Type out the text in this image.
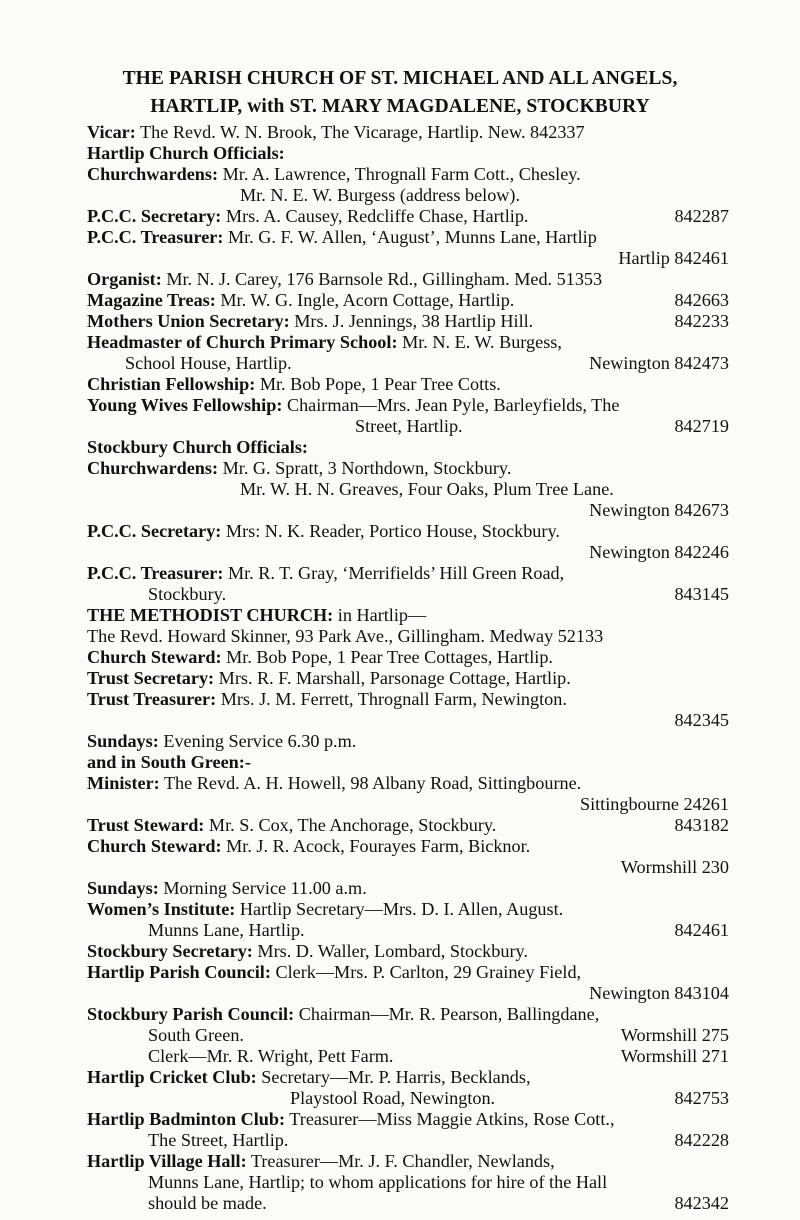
THE PARISH CHURCH OF ST. MICHAEL AND ALL ANGELS,
HARTLIP, with ST. MARY MAGDALENE, STOCKBURY
Vicar: The Revd. W. N. Brook, The Vicarage, Hartlip. New. 842337
Hartlip Church Officials:
Churchwardens: Mr. A. Lawrence, Thrognall Farm Cott., Chesley.
Mr. N. E. W. Burgess (address below).
P.C.C. Secretary: Mrs. A. Causey, Redcliffe Chase, Hartlip.	842287
P.C.C. Treasurer: Mr. G. F. W. Allen, ‘August’, Munns Lane, Hartlip
Hartlip 842461
Organist: Mr. N. J. Carey, 176 Barnsole Rd., Gillingham. Med. 51353
Magazine Treas: Mr. W. G. Ingle, Acorn Cottage, Hartlip.	842663
Mothers Union Secretary: Mrs. J. Jennings, 38 Hartlip Hill.	842233
Headmaster of Church Primary School: Mr. N. E. W. Burgess,
School House, Hartlip.	Newington 842473
Christian Fellowship: Mr. Bob Pope, 1 Pear Tree Cotts.
Young Wives Fellowship: Chairman—Mrs. Jean Pyle, Barleyfields, The
Street, Hartlip.	842719
Stockbury Church Officials:
Churchwardens: Mr. G. Spratt, 3 Northdown, Stockbury.
Mr. W. H. N. Greaves, Four Oaks, Plum Tree Lane.
Newington 842673
P.C.C. Secretary: Mrs: N. K. Reader, Portico House, Stockbury.
Newington 842246
P.C.C. Treasurer: Mr. R. T. Gray, ‘Merrifields’ Hill Green Road,
Stockbury.	843145
THE METHODIST CHURCH: in Hartlip—
The Revd. Howard Skinner, 93 Park Ave., Gillingham. Medway 52133
Church Steward: Mr. Bob Pope, 1 Pear Tree Cottages, Hartlip.
Trust Secretary: Mrs. R. F. Marshall, Parsonage Cottage, Hartlip.
Trust Treasurer: Mrs. J. M. Ferrett, Thrognall Farm, Newington.
842345
Sundays: Evening Service 6.30 p.m.
and in South Green:-
Minister: The Revd. A. H. Howell, 98 Albany Road, Sittingbourne.
Sittingbourne 24261
Trust Steward: Mr. S. Cox, The Anchorage, Stockbury.	843182
Church Steward: Mr. J. R. Acock, Fourayes Farm, Bicknor.
Wormshill 230
Sundays: Morning Service 11.00 a.m.
Women’s Institute: Hartlip Secretary—Mrs. D. I. Allen, August.
Munns Lane, Hartlip.	842461
Stockbury Secretary: Mrs. D. Waller, Lombard, Stockbury.
Hartlip Parish Council: Clerk—Mrs. P. Carlton, 29 Grainey Field,
Newington 843104
Stockbury Parish Council: Chairman—Mr. R. Pearson, Ballingdane,
South Green.	Wormshill 275
Clerk—Mr. R. Wright, Pett Farm.	Wormshill 271
Hartlip Cricket Club: Secretary—Mr. P. Harris, Becklands,
Playstool Road, Newington.	842753
Hartlip Badminton Club: Treasurer—Miss Maggie Atkins, Rose Cott.,
The Street, Hartlip.	842228
Hartlip Village Hall: Treasurer—Mr. J. F. Chandler, Newlands,
Munns Lane, Hartlip; to whom applications for hire of the Hall
should be made.	842342
